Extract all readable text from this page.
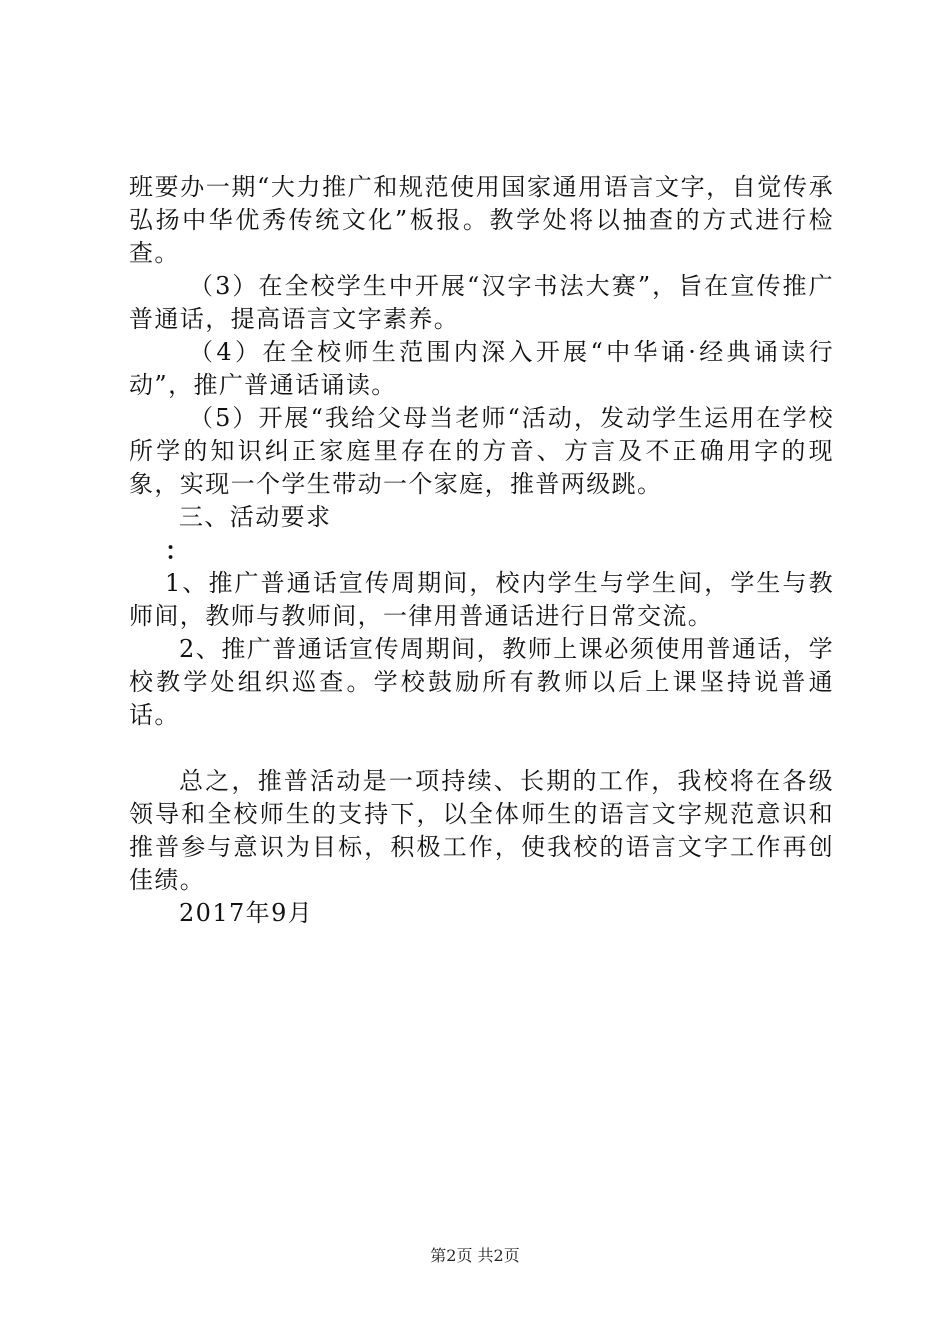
班要办一期“大力推广和规范使用国家通用语言文字，自觉传承弘扬中华优秀传统文化”板报。教学处将以抽查的方式进行检查。

（3）在全校学生中开展“汉字书法大赛”，旨在宣传推广普通话，提高语言文字素养。

（4）在全校师生范围内深入开展“中华诵·经典诵读行动”，推广普通话诵读。

（5）开展“我给父母当老师“活动，发动学生运用在学校所学的知识纠正家庭里存在的方音、方言及不正确用字的现象，实现一个学生带动一个家庭，推普两级跳。

三、活动要求

：

1、推广普通话宣传周期间，校内学生与学生间，学生与教师间，教师与教师间，一律用普通话进行日常交流。

2、推广普通话宣传周期间，教师上课必须使用普通话，学校教学处组织巡查。学校鼓励所有教师以后上课坚持说普通话。

总之，推普活动是一项持续、长期的工作，我校将在各级领导和全校师生的支持下，以全体师生的语言文字规范意识和推普参与意识为目标，积极工作，使我校的语言文字工作再创佳绩。

2017年9月

第2页 共2页
